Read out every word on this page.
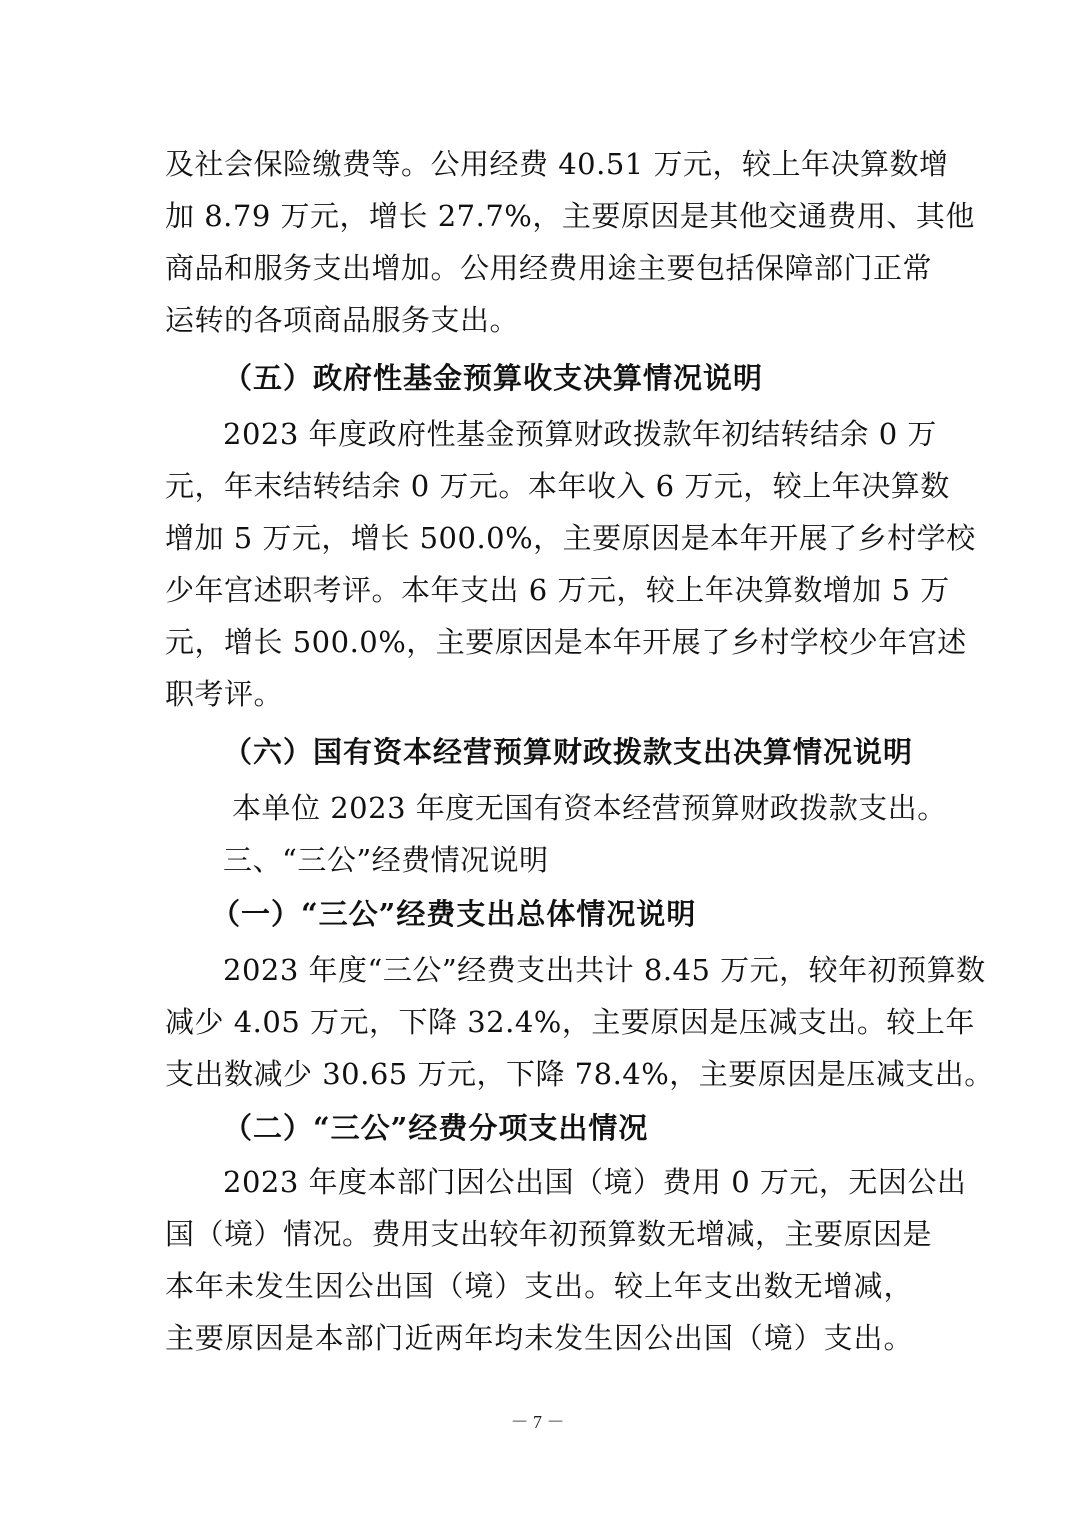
及社会保险缴费等。公用经费 40.51 万元，较上年决算数增
加 8.79 万元，增长 27.7%，主要原因是其他交通费用、其他
商品和服务支出增加。公用经费用途主要包括保障部门正常
运转的各项商品服务支出。
（五）政府性基金预算收支决算情况说明
2023 年度政府性基金预算财政拨款年初结转结余 0 万
元，年末结转结余 0 万元。本年收入 6 万元，较上年决算数
增加 5 万元，增长 500.0%，主要原因是本年开展了乡村学校
少年宫述职考评。本年支出 6 万元，较上年决算数增加 5 万
元，增长 500.0%，主要原因是本年开展了乡村学校少年宫述
职考评。
（六）国有资本经营预算财政拨款支出决算情况说明
本单位 2023 年度无国有资本经营预算财政拨款支出。
三、“三公”经费情况说明
（一）“三公”经费支出总体情况说明
2023 年度“三公”经费支出共计 8.45 万元，较年初预算数
减少 4.05 万元，下降 32.4%，主要原因是压减支出。较上年
支出数减少 30.65 万元，下降 78.4%，主要原因是压减支出。
（二）“三公”经费分项支出情况
2023 年度本部门因公出国（境）费用 0 万元，无因公出
国（境）情况。费用支出较年初预算数无增减，主要原因是
本年未发生因公出国（境）支出。较上年支出数无增减，
主要原因是本部门近两年均未发生因公出国（境）支出。
－ 7 －
